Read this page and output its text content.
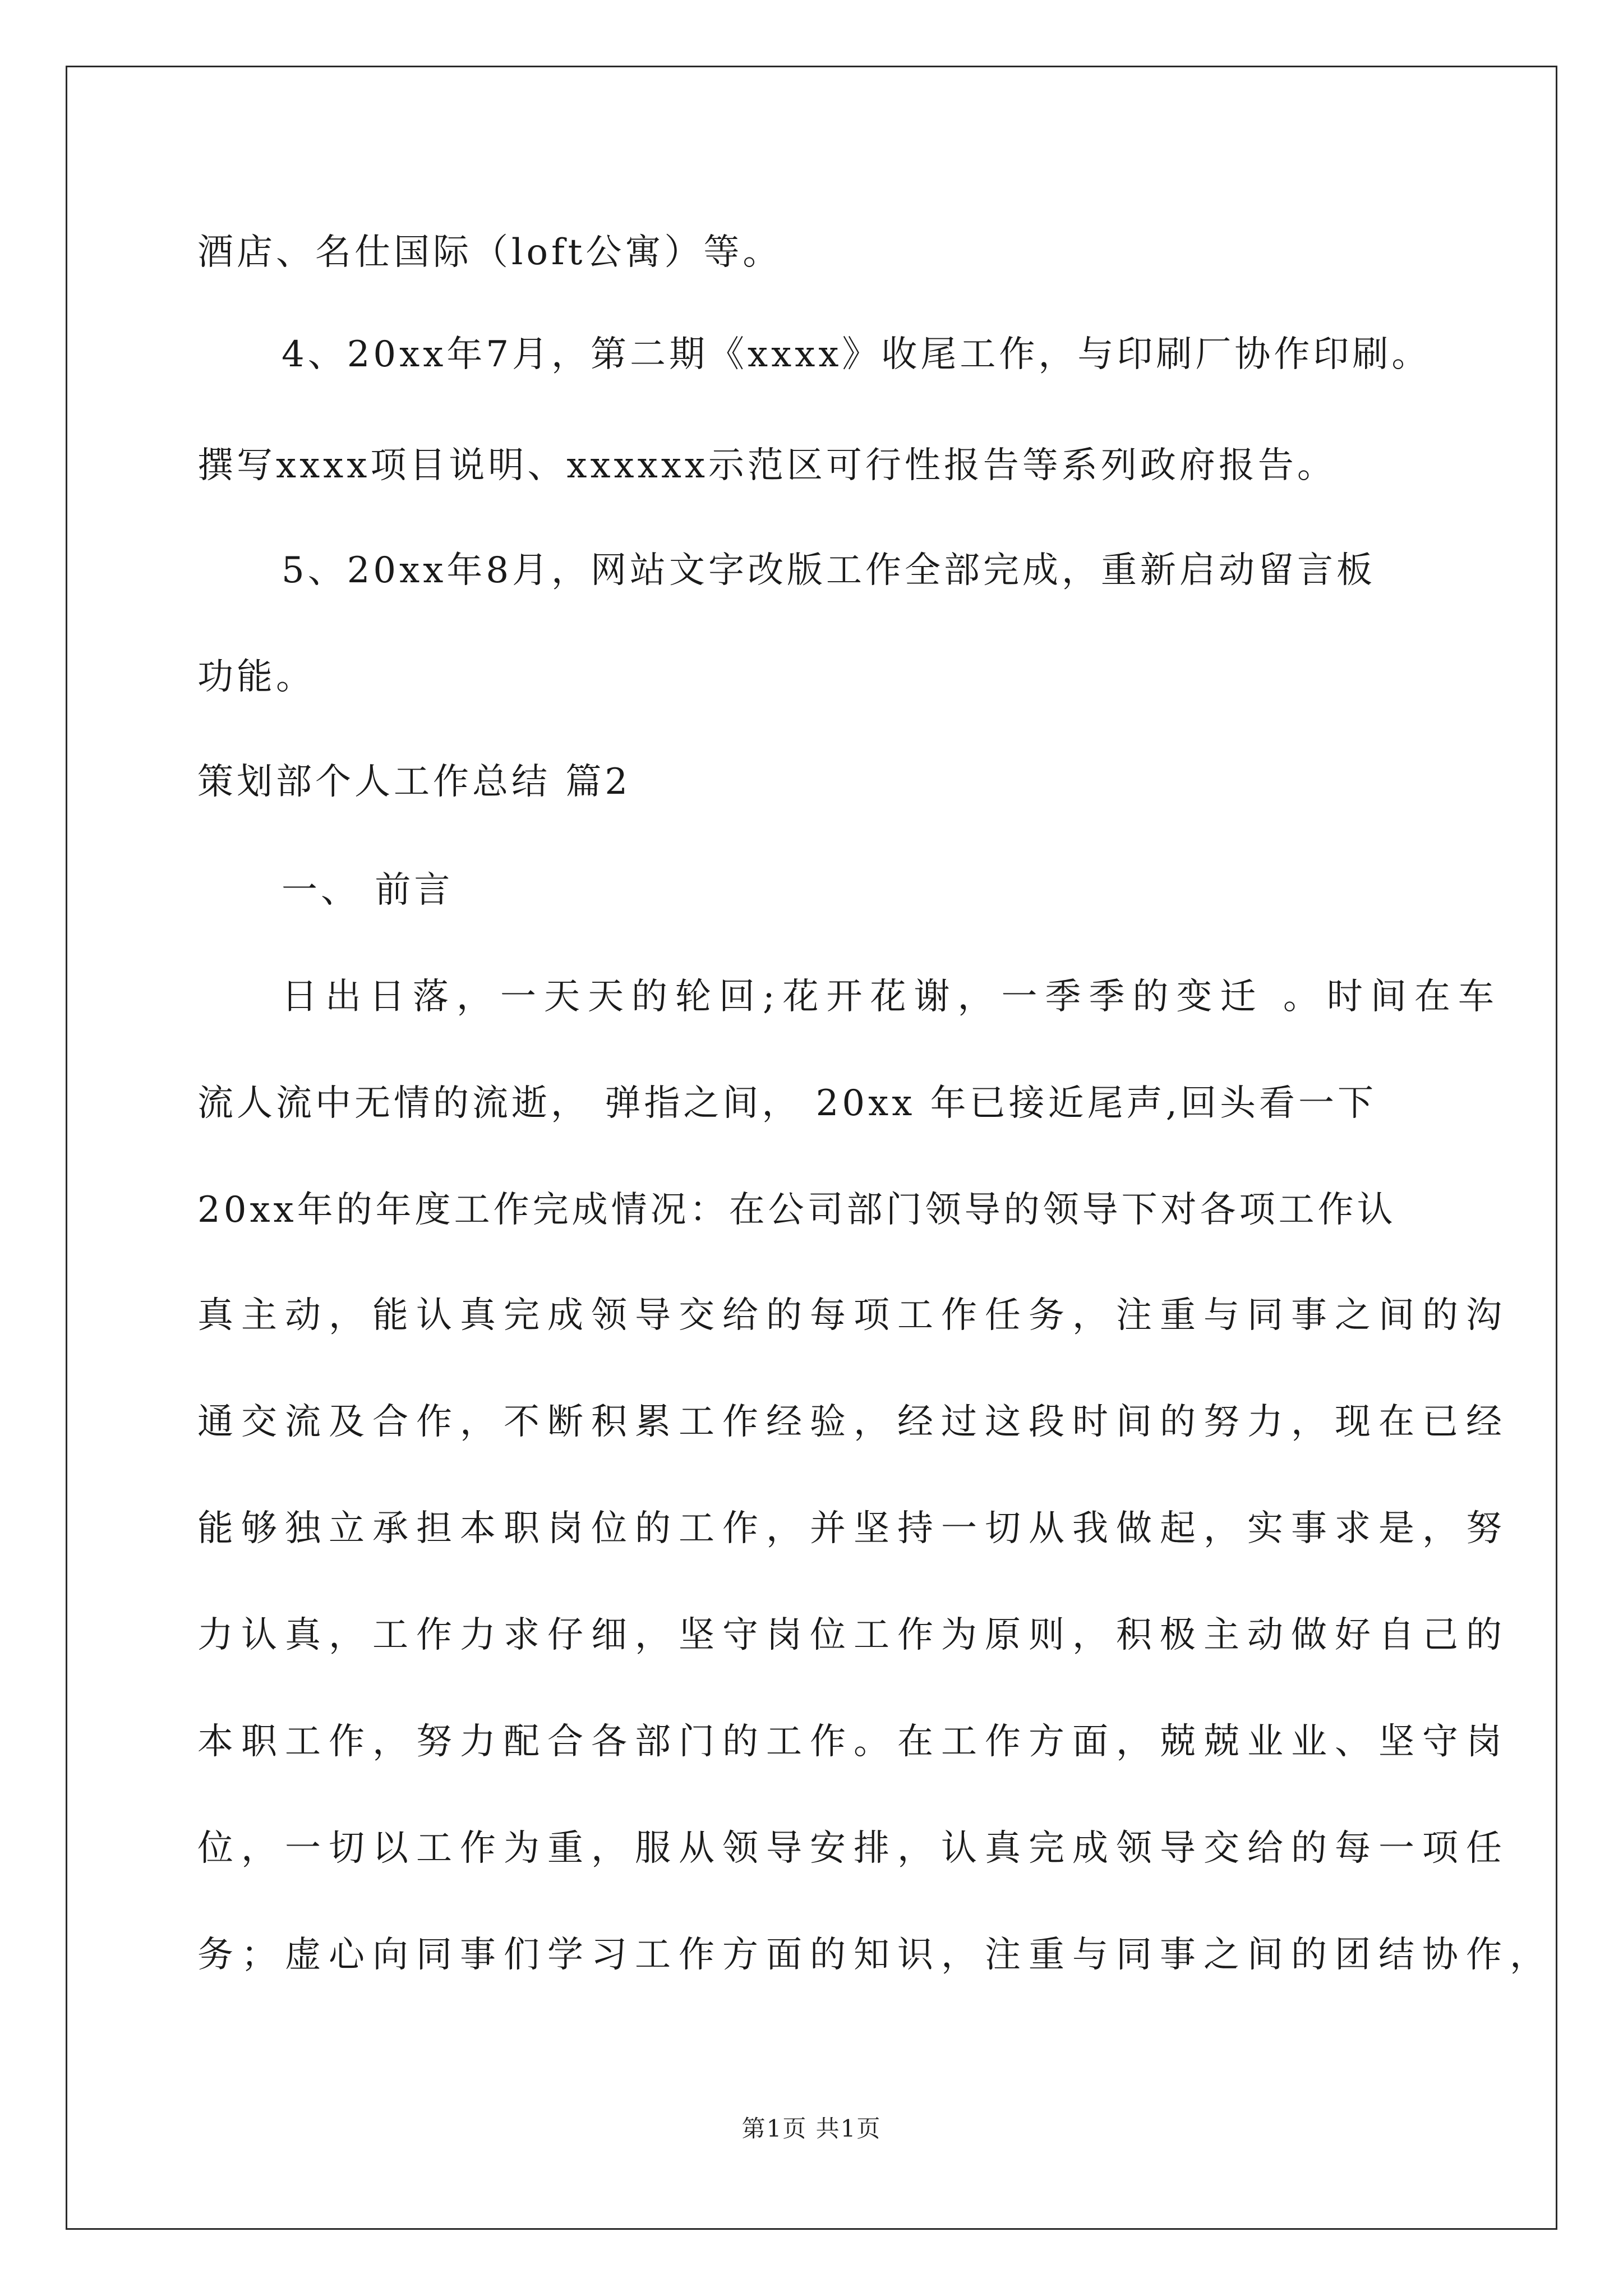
酒店、名仕国际（loft公寓）等。
4、20xx年7月，第二期《xxxx》收尾工作，与印刷厂协作印刷。
撰写xxxx项目说明、xxxxxx示范区可行性报告等系列政府报告。
5、20xx年8月，网站文字改版工作全部完成，重新启动留言板
功能。
策划部个人工作总结 篇2
一、 前言
日出日落，一天天的轮回;花开花谢，一季季的变迁 。时间在车
流人流中无情的流逝， 弹指之间， 20xx 年已接近尾声,回头看一下
20xx年的年度工作完成情况：在公司部门领导的领导下对各项工作认
真主动，能认真完成领导交给的每项工作任务，注重与同事之间的沟
通交流及合作，不断积累工作经验，经过这段时间的努力，现在已经
能够独立承担本职岗位的工作，并坚持一切从我做起，实事求是，努
力认真，工作力求仔细，坚守岗位工作为原则，积极主动做好自己的
本职工作，努力配合各部门的工作。在工作方面，兢兢业业、坚守岗
位，一切以工作为重，服从领导安排，认真完成领导交给的每一项任
务；虚心向同事们学习工作方面的知识，注重与同事之间的团结协作，
第1页 共1页
